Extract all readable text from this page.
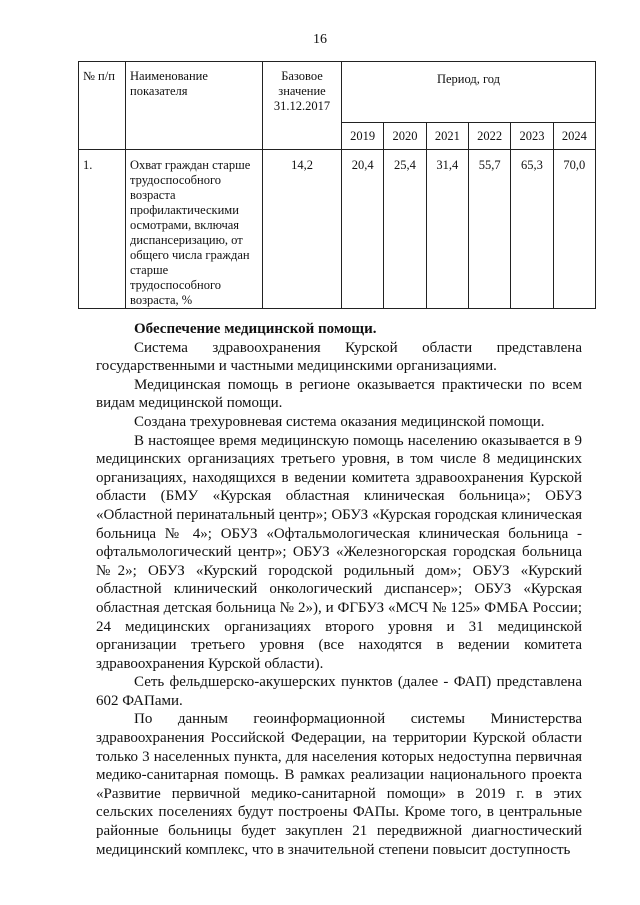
16
№ п/п	Наименование показателя	Базовое значение 31.12.2017	Период, год					
			2019	2020	2021	2022	2023	2024
1.	Охват граждан старше трудоспособного возраста профилактическими осмотрами, включая диспансеризацию, от общего числа граждан старше трудоспособного возраста, %	14,2	20,4	25,4	31,4	55,7	65,3	70,0

Обеспечение медицинской помощи.

Система здравоохранения Курской области представлена государственными и частными медицинскими организациями.

Медицинская помощь в регионе оказывается практически по всем видам медицинской помощи.

Создана трехуровневая система оказания медицинской помощи.

В настоящее время медицинскую помощь населению оказывается в 9 медицинских организациях третьего уровня, в том числе 8 медицинских организациях, находящихся в ведении комитета здравоохранения Курской области (БМУ «Курская областная клиническая больница»; ОБУЗ «Областной перинатальный центр»; ОБУЗ «Курская городская клиническая больница № 4»; ОБУЗ «Офтальмологическая клиническая больница - офтальмологический центр»; ОБУЗ «Железногорская городская больница №2»; ОБУЗ «Курский городской родильный дом»; ОБУЗ «Курский областной клинический онкологический диспансер»; ОБУЗ «Курская областная детская больница № 2»), и ФГБУЗ «МСЧ № 125» ФМБА России; 24 медицинских организациях второго уровня и 31 медицинской организации третьего уровня (все находятся в ведении комитета здравоохранения Курской области).

Сеть фельдшерско-акушерских пунктов (далее - ФАП) представлена 602 ФАПами.

По данным геоинформационной системы Министерства здравоохранения Российской Федерации, на территории Курской области только 3 населенных пункта, для населения которых недоступна первичная медико-санитарная помощь. В рамках реализации национального проекта «Развитие первичной медико-санитарной помощи» в 2019 г. в этих сельских поселениях будут построены ФАПы. Кроме того, в центральные районные больницы будет закуплен 21 передвижной диагностический медицинский комплекс, что в значительной степени повысит доступность
